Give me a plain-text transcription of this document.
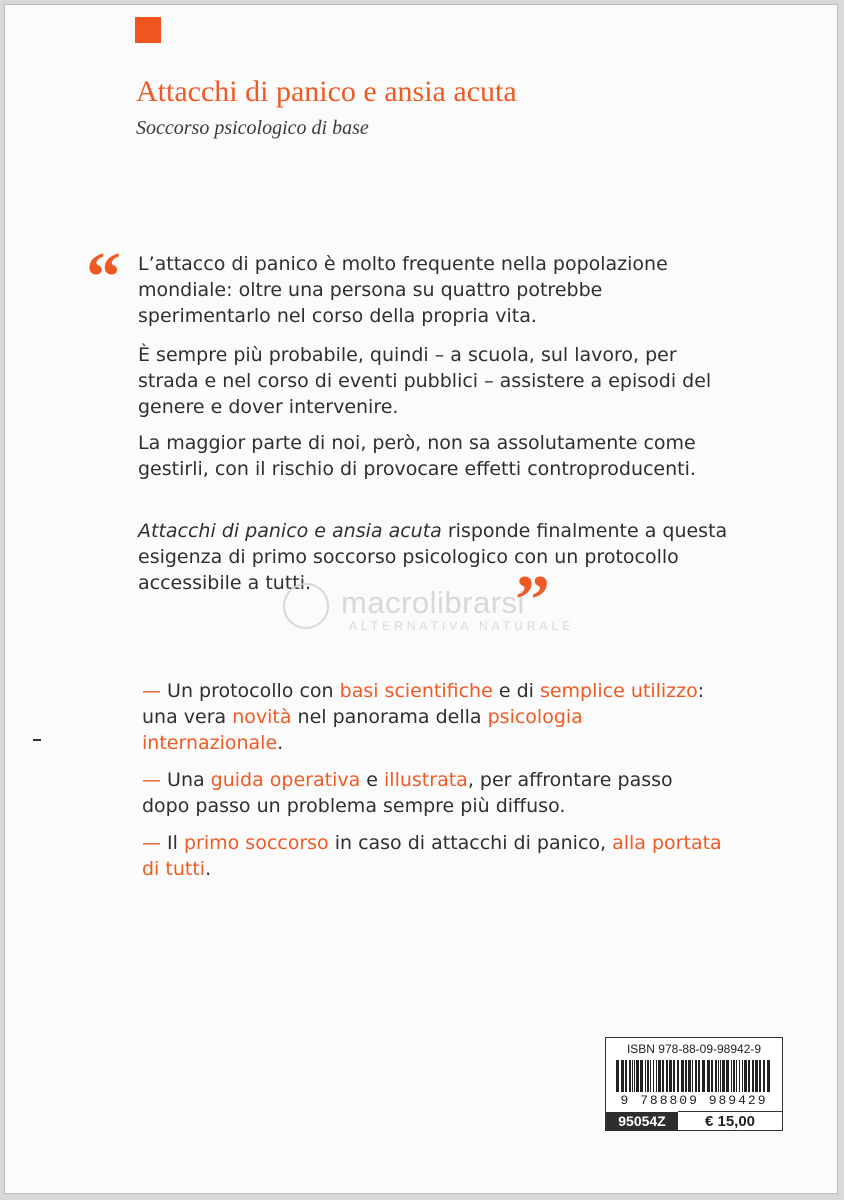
Attacchi di panico e ansia acuta
Soccorso psicologico di base
“ L’attacco di panico è molto frequente nella popolazione mondiale: oltre una persona su quattro potrebbe sperimentarlo nel corso della propria vita.
È sempre più probabile, quindi – a scuola, sul lavoro, per strada e nel corso di eventi pubblici – assistere a episodi del genere e dover intervenire.
La maggior parte di noi, però, non sa assolutamente come gestirli, con il rischio di provocare effetti controproducenti.
Attacchi di panico e ansia acuta risponde finalmente a questa esigenza di primo soccorso psicologico con un protocollo accessibile a tutti.	”
macrolibrarsi
ALTERNATIVA NATURALE
— Un protocollo con basi scientifiche e di semplice utilizzo: una vera novità nel panorama della psicologia internazionale.
— Una guida operativa e illustrata, per affrontare passo dopo passo un problema sempre più diffuso.
— Il primo soccorso in caso di attacchi di panico, alla portata di tutti.
ISBN 978-88-09-98942-9
9 788809 989429
95054Z	€ 15,00
